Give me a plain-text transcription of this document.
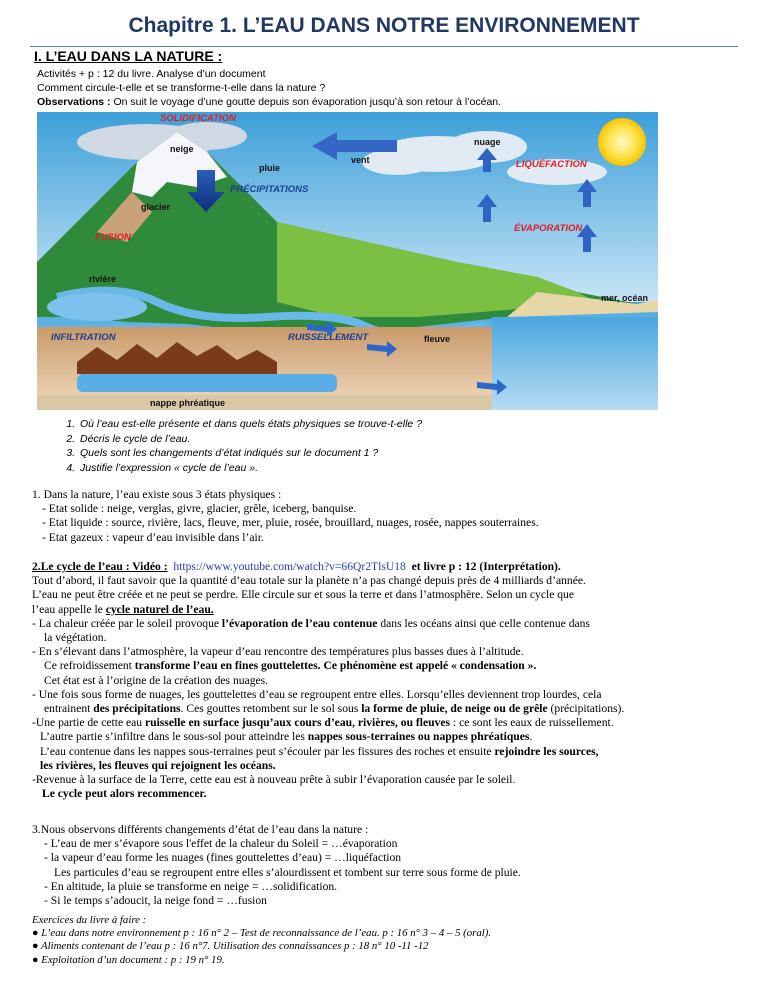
Chapitre 1. L’EAU DANS NOTRE ENVIRONNEMENT
I. L’EAU DANS LA NATURE :
Activités + p : 12 du livre. Analyse d’un document
Comment circule-t-elle et se transforme-t-elle dans la nature ?
Observations : On suit le voyage d’une goutte depuis son évaporation jusqu’à son retour à l’océan.
SOLIDIFICATION
neige
pluie
vent
nuage
LIQUÉFACTION
PRÉCIPITATIONS
glacier
ÉVAPORATION
FUSION
rivière
mer, océan
INFILTRATION	RUISSELLEMENT	fleuve
nappe phréatique
1. Où l’eau est-elle présente et dans quels états physiques se trouve-t-elle ?
2. Décris le cycle de l’eau.
3. Quels sont les changements d’état indiqués sur le document 1 ?
4. Justifie l’expression « cycle de l’eau ».
1. Dans la nature, l’eau existe sous 3 états physiques :
- Etat solide : neige, verglas, givre, glacier, grêle, iceberg, banquise.
- Etat liquide : source, rivière, lacs, fleuve, mer, pluie, rosée, brouillard, nuages, rosée, nappes souterraines.
- Etat gazeux : vapeur d’eau invisible dans l’air.
2.Le cycle de l’eau : Vidéo : https://www.youtube.com/watch?v=66Qr2TlsU18 et livre p : 12 (Interprétation).
Tout d’abord, il faut savoir que la quantité d’eau totale sur la planète n’a pas changé depuis près de 4 milliards d’année.
L’eau ne peut être créée et ne peut se perdre. Elle circule sur et sous la terre et dans l’atmosphère. Selon un cycle que
l’eau appelle le cycle naturel de l’eau.
- La chaleur créée par le soleil provoque l’évaporation de l’eau contenue dans les océans ainsi que celle contenue dans
la végétation.
- En s’élevant dans l’atmosphère, la vapeur d’eau rencontre des températures plus basses dues à l’altitude.
Ce refroidissement transforme l’eau en fines gouttelettes. Ce phénomène est appelé « condensation ».
Cet état est à l’origine de la création des nuages.
- Une fois sous forme de nuages, les gouttelettes d’eau se regroupent entre elles. Lorsqu’elles deviennent trop lourdes, cela
entrainent des précipitations. Ces gouttes retombent sur le sol sous la forme de pluie, de neige ou de grêle (précipitations).
-Une partie de cette eau ruisselle en surface jusqu’aux cours d’eau, rivières, ou fleuves : ce sont les eaux de ruissellement.
L’autre partie s’infiltre dans le sous-sol pour atteindre les nappes sous-terraines ou nappes phréatiques.
L’eau contenue dans les nappes sous-terraines peut s’écouler par les fissures des roches et ensuite rejoindre les sources,
les rivières, les fleuves qui rejoignent les océans.
-Revenue à la surface de la Terre, cette eau est à nouveau prête à subir l’évaporation causée par le soleil.
Le cycle peut alors recommencer.
3.Nous observons différents changements d’état de l’eau dans la nature :
- L’eau de mer s’évapore sous l'effet de la chaleur du Soleil = …évaporation
- la vapeur d’eau forme les nuages (fines gouttelettes d’eau) = …liquéfaction
Les particules d’eau se regroupent entre elles s’alourdissent et tombent sur terre sous forme de pluie.
- En altitude, la pluie se transforme en neige = …solidification.
- Si le temps s’adoucit, la neige fond = …fusion
Exercices du livre à faire :
● L’eau dans notre environnement p : 16 n° 2 – Test de reconnaissance de l’eau. p : 16 n° 3 – 4 – 5 (oral).
● Aliments contenant de l’eau p : 16 n°7. Utilisation des connaissances p : 18 n° 10 -11 -12
● Exploitation d’un document : p : 19 n° 19.
